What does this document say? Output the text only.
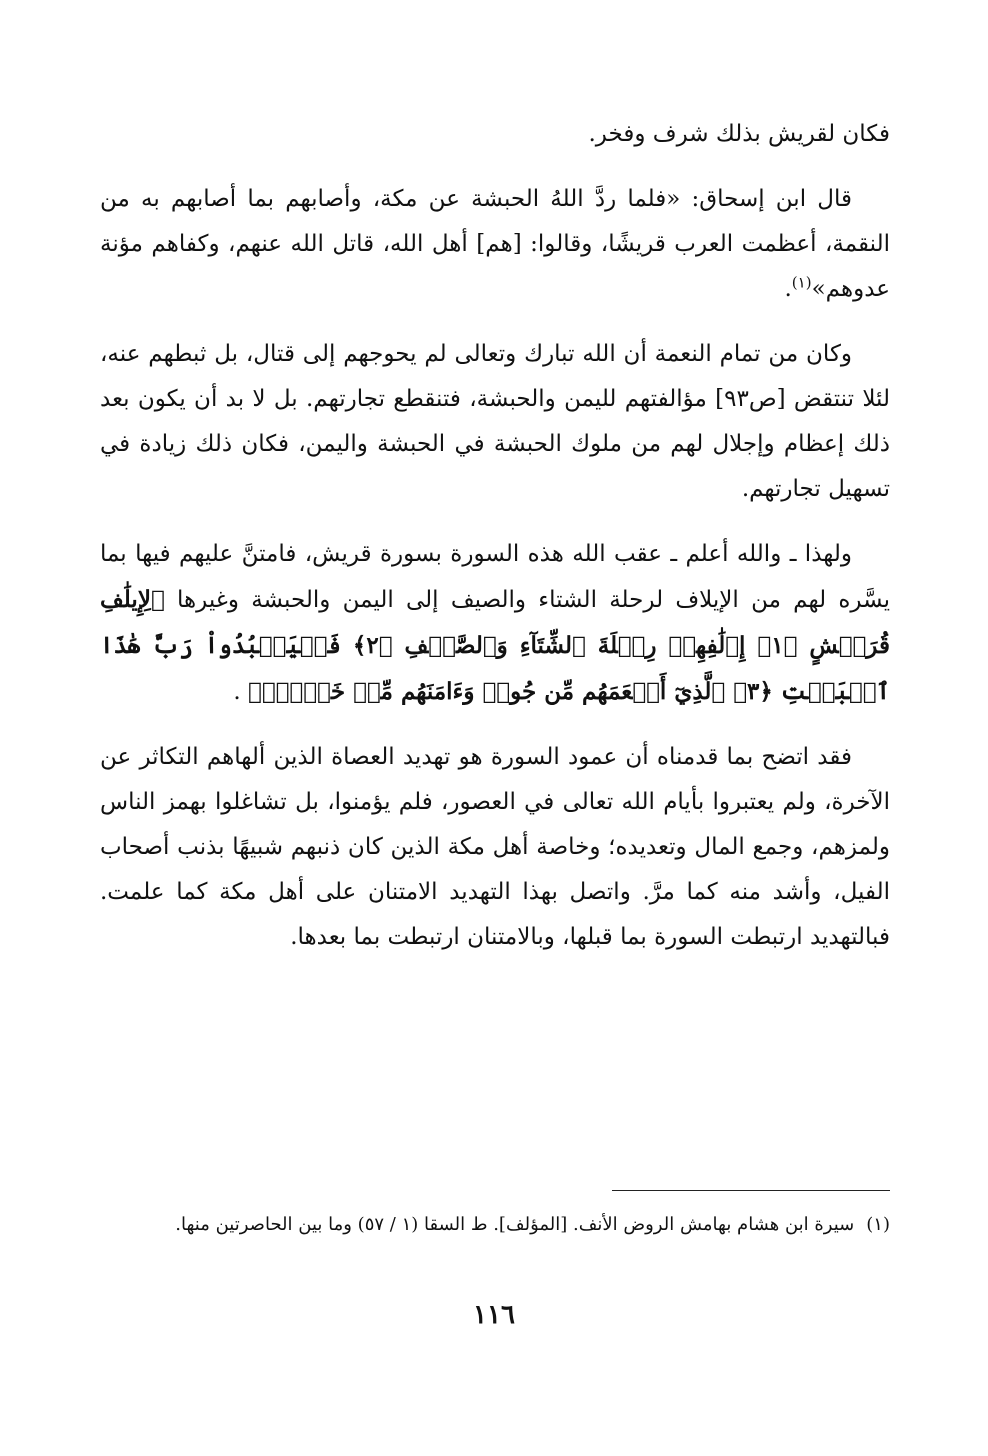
فكان لقريش بذلك شرف وفخر.

قال ابن إسحاق: «فلما ردَّ اللهُ الحبشة عن مكة، وأصابهم بما أصابهم به من النقمة، أعظمت العرب قريشًا، وقالوا: [هم] أهل الله، قاتل الله عنهم، وكفاهم مؤنة عدوهم»$^{(١)}$.

وكان من تمام النعمة أن الله تبارك وتعالى لم يحوجهم إلى قتال، بل ثبطهم عنه، لئلا تنتقض [ص٩٣] مؤالفتهم لليمن والحبشة، فتنقطع تجارتهم. بل لا بد أن يكون بعد ذلك إعظام وإجلال لهم من ملوك الحبشة في الحبشة واليمن، فكان ذلك زيادة في تسهيل تجارتهم.

ولهذا ـ والله أعلم ـ عقب الله هذه السورة بسورة قريش، فامتنَّ عليهم فيها بما يسَّره لهم من الإيلاف لرحلة الشتاء والصيف إلى اليمن والحبشة وغيرها ﴿لِإِيلَٰفِ قُرَيۡشٍ ﴿١﴾ إِۦلَٰفِهِمۡ رِحۡلَةَ ٱلشِّتَآءِ وَٱلصَّيۡفِ ﴿٢﴾ فَلۡيَعۡبُدُواْ رَبَّ هَٰذَا ٱلۡبَيۡتِ ﴿٣﴾ ٱلَّذِيٓ أَطۡعَمَهُم مِّن جُوعٖ وَءَامَنَهُم مِّنۡ خَوۡفِۭ﴾ .

فقد اتضح بما قدمناه أن عمود السورة هو تهديد العصاة الذين ألهاهم التكاثر عن الآخرة، ولم يعتبروا بأيام الله تعالى في العصور، فلم يؤمنوا، بل تشاغلوا بهمز الناس ولمزهم، وجمع المال وتعديده؛ وخاصة أهل مكة الذين كان ذنبهم شبيهًا بذنب أصحاب الفيل، وأشد منه كما مرَّ. واتصل بهذا التهديد الامتنان على أهل مكة كما علمت. فبالتهديد ارتبطت السورة بما قبلها، وبالامتنان ارتبطت بما بعدها.

(١)سيرة ابن هشام بهامش الروض الأنف. [المؤلف]. ط السقا (١ / ٥٧) وما بين الحاصرتين منها.
١١٦
